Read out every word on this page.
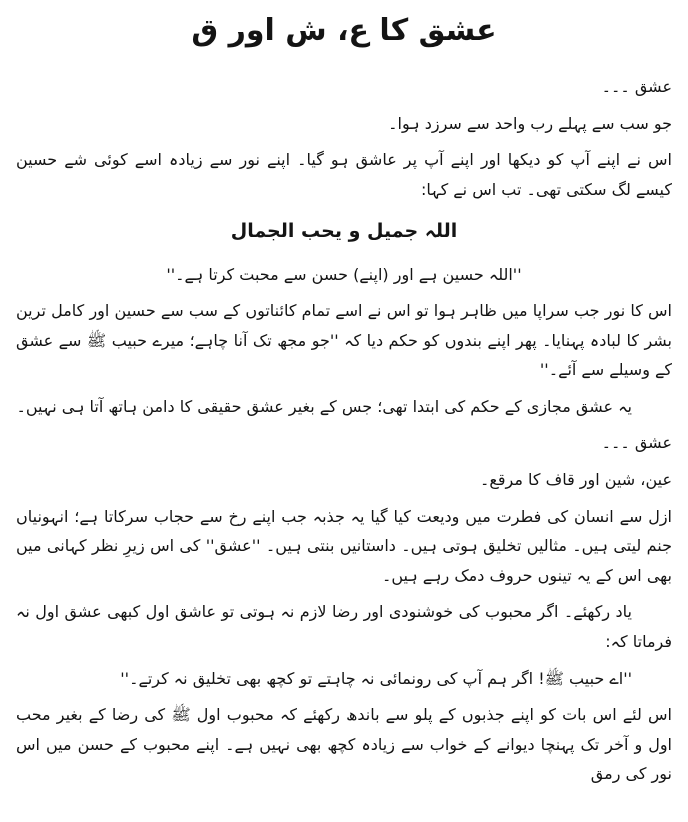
عشق کا ع، ش اور ق

عشق ۔۔۔

جو سب سے پہلے رب واحد سے سرزد ہوا۔

اس نے اپنے آپ کو دیکھا اور اپنے آپ پر عاشق ہو گیا۔ اپنے نور سے زیادہ اسے کوئی شے حسین کیسے لگ سکتی تھی۔ تب اس نے کہا:

اللہ جمیل و یحب الجمال

''اللہ حسین ہے اور (اپنے) حسن سے محبت کرتا ہے۔''

اس کا نور جب سراپا میں ظاہر ہوا تو اس نے اسے تمام کائناتوں کے سب سے حسین اور کامل ترین بشر کا لبادہ پہنایا۔ پھر اپنے بندوں کو حکم دیا کہ ''جو مجھ تک آنا چاہے؛ میرے حبیب ﷺ سے عشق کے وسیلے سے آئے۔''

یہ عشق مجازی کے حکم کی ابتدا تھی؛ جس کے بغیر عشق حقیقی کا دامن ہاتھ آتا ہی نہیں۔

عشق ۔۔۔

عین، شین اور قاف کا مرقع۔

ازل سے انسان کی فطرت میں ودیعت کیا گیا یہ جذبہ جب اپنے رخ سے حجاب سرکاتا ہے؛ انہونیاں جنم لیتی ہیں۔ مثالیں تخلیق ہوتی ہیں۔ داستانیں بنتی ہیں۔ ''عشق'' کی اس زیرِ نظر کہانی میں بھی اس کے یہ تینوں حروف دمک رہے ہیں۔

یاد رکھئے۔ اگر محبوب کی خوشنودی اور رضا لازم نہ ہوتی تو عاشق اول کبھی عشق اول نہ فرماتا کہ:

''اے حبیب ﷺ! اگر ہم آپ کی رونمائی نہ چاہتے تو کچھ بھی تخلیق نہ کرتے۔''

اس لئے اس بات کو اپنے جذبوں کے پلو سے باندھ رکھئے کہ محبوب اول ﷺ کی رضا کے بغیر محب اول و آخر تک پہنچا دیوانے کے خواب سے زیادہ کچھ بھی نہیں ہے۔ اپنے محبوب کے حسن میں اس نور کی رمق
